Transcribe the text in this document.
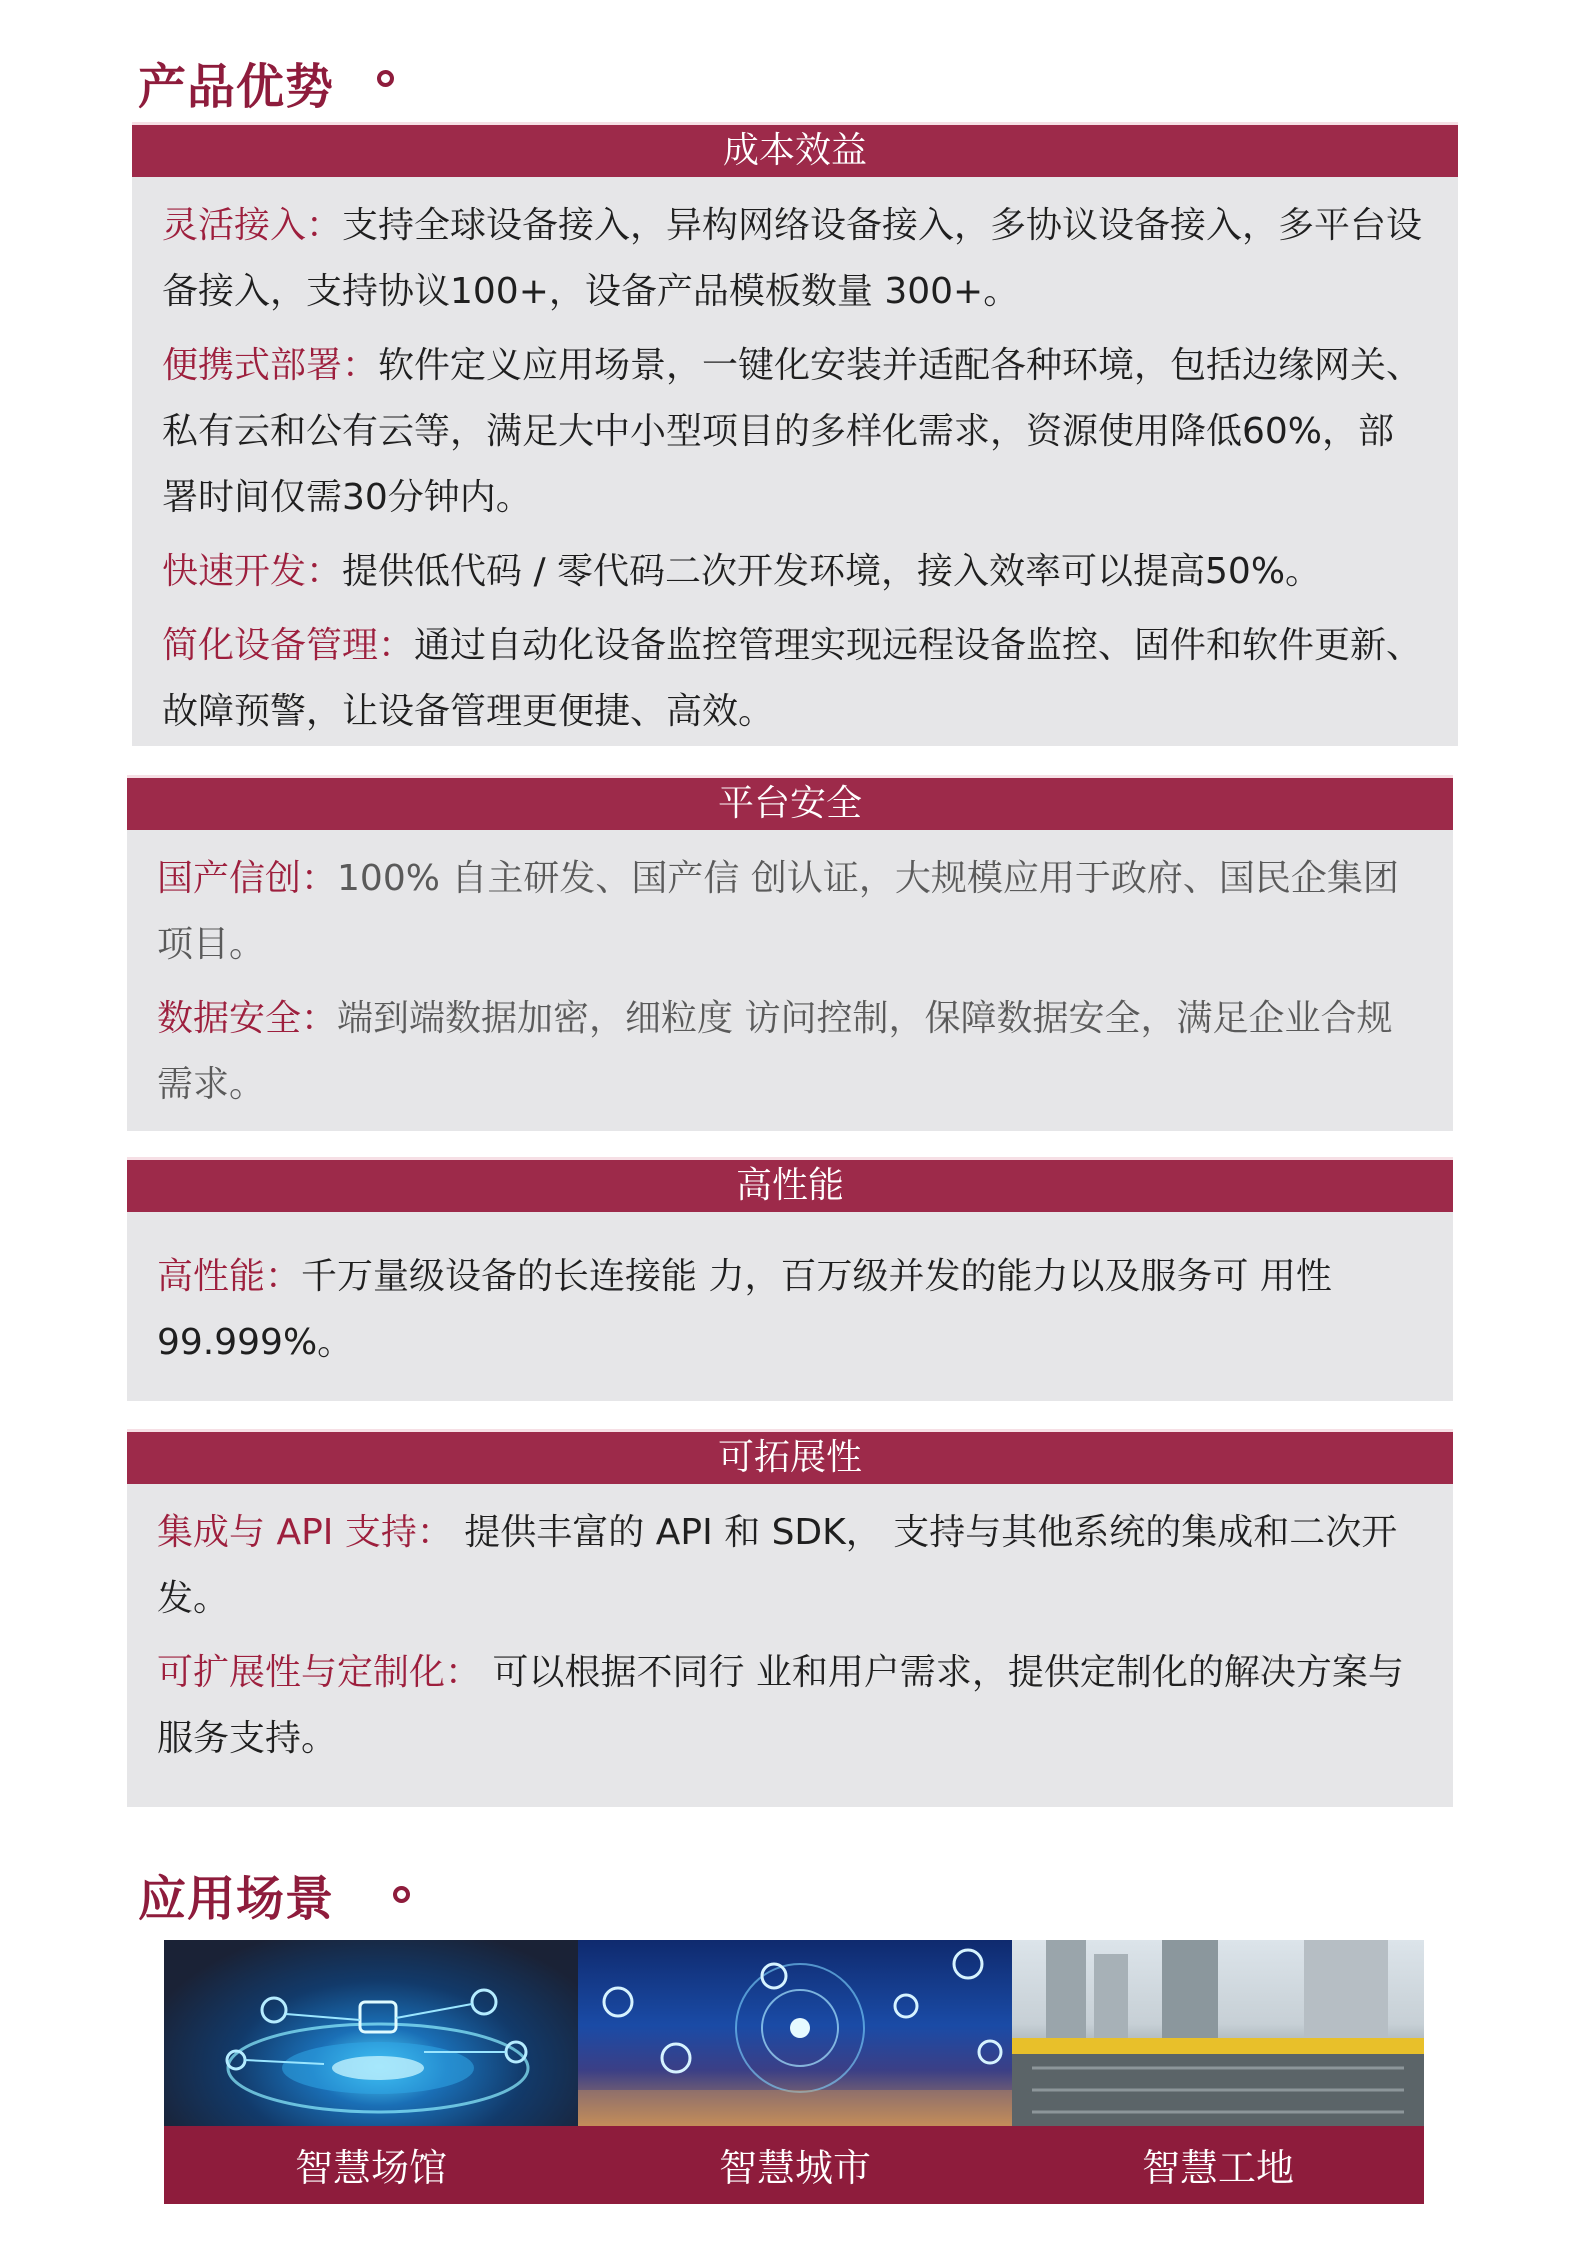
产品优势
成本效益

灵活接入：支持全球设备接入，异构网络设备接入，多协议设备接入，多平台设备接入，支持协议100+，设备产品模板数量 300+。

便携式部署：软件定义应用场景，一键化安装并适配各种环境，包括边缘网关、私有云和公有云等，满足大中小型项目的多样化需求，资源使用降低60%，部署时间仅需30分钟内。

快速开发：提供低代码 / 零代码二次开发环境，接入效率可以提高50%。

简化设备管理：通过自动化设备监控管理实现远程设备监控、固件和软件更新、故障预警，让设备管理更便捷、高效。

平台安全

国产信创：100% 自主研发、国产信 创认证，大规模应用于政府、国民企集团项目。

数据安全：端到端数据加密，细粒度 访问控制，保障数据安全，满足企业合规需求。

高性能

高性能：千万量级设备的长连接能 力，百万级并发的能力以及服务可 用性 99.999%。

可拓展性

集成与 API 支持： 提供丰富的 API 和 SDK， 支持与其他系统的集成和二次开发。

可扩展性与定制化： 可以根据不同行 业和用户需求，提供定制化的解决方案与服务支持。

应用场景
智慧场馆	智慧城市	智慧工地
